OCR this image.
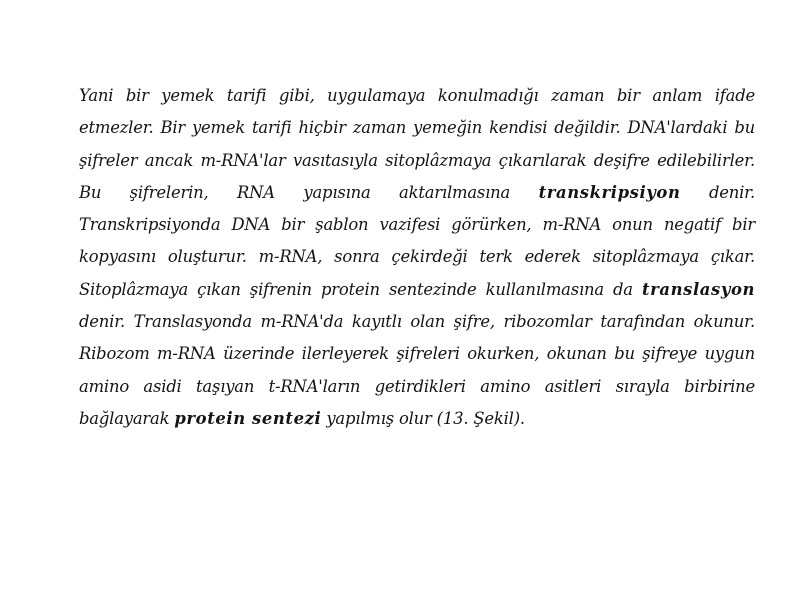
Yani bir yemek tarifi gibi, uygulamaya konulmadığı zaman bir anlam ifade etmezler. Bir yemek tarifi hiçbir zaman yemeğin kendisi değildir. DNA'lardaki bu şifreler ancak m-RNA'lar vasıtasıyla sitoplâzmaya çıkarılarak deşifre edilebilirler. Bu şifrelerin, RNA yapısına aktarılmasına transkripsiyon denir. Transkripsiyonda DNA bir şablon vazifesi görürken, m-RNA onun negatif bir kopyasını oluşturur. m-RNA, sonra çekirdeği terk ederek sitoplâzmaya çıkar. Sitoplâzmaya çıkan şifrenin protein sentezinde kullanılmasına da translasyon denir. Translasyonda m-RNA'da kayıtlı olan şifre, ribozomlar tarafından okunur. Ribozom m-RNA üzerinde ilerleyerek şifreleri okurken, okunan bu şifreye uygun amino asidi taşıyan t-RNA'ların getirdikleri amino asitleri sırayla birbirine bağlayarak protein sentezi yapılmış olur (13. Şekil).
